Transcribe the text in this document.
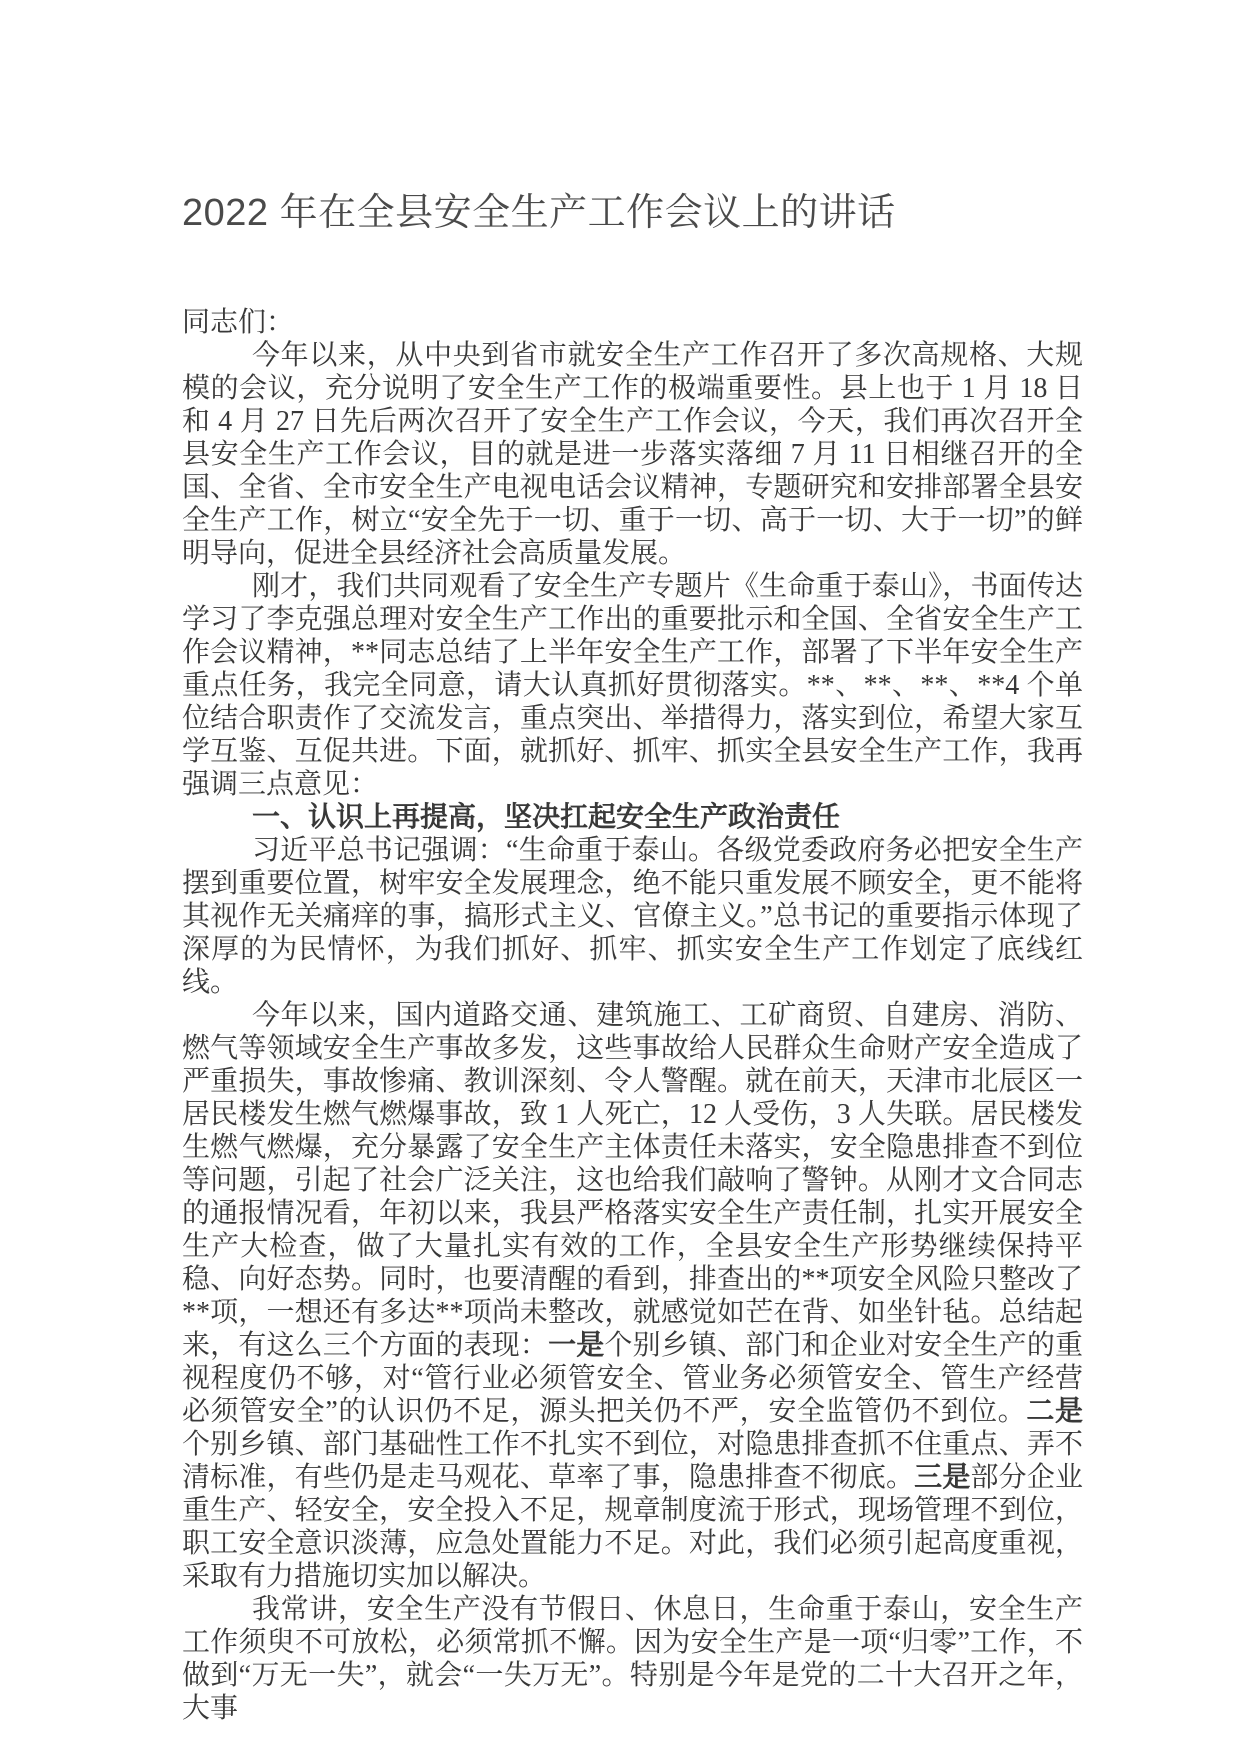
2022 年在全县安全生产工作会议上的讲话

同志们：

今年以来，从中央到省市就安全生产工作召开了多次高规格、大规模的会议，充分说明了安全生产工作的极端重要性。县上也于 1 月 18 日和 4 月 27 日先后两次召开了安全生产工作会议，今天，我们再次召开全县安全生产工作会议，目的就是进一步落实落细 7 月 11 日相继召开的全国、全省、全市安全生产电视电话会议精神，专题研究和安排部署全县安全生产工作，树立“安全先于一切、重于一切、高于一切、大于一切”的鲜明导向，促进全县经济社会高质量发展。

刚才，我们共同观看了安全生产专题片《生命重于泰山》，书面传达学习了李克强总理对安全生产工作出的重要批示和全国、全省安全生产工作会议精神，**同志总结了上半年安全生产工作，部署了下半年安全生产重点任务，我完全同意，请大认真抓好贯彻落实。**、**、**、**4 个单位结合职责作了交流发言，重点突出、举措得力，落实到位，希望大家互学互鉴、互促共进。下面，就抓好、抓牢、抓实全县安全生产工作，我再强调三点意见：

一、认识上再提高，坚决扛起安全生产政治责任

习近平总书记强调：“生命重于泰山。各级党委政府务必把安全生产摆到重要位置，树牢安全发展理念，绝不能只重发展不顾安全，更不能将其视作无关痛痒的事，搞形式主义、官僚主义。”总书记的重要指示体现了深厚的为民情怀，为我们抓好、抓牢、抓实安全生产工作划定了底线红线。

今年以来，国内道路交通、建筑施工、工矿商贸、自建房、消防、燃气等领域安全生产事故多发，这些事故给人民群众生命财产安全造成了严重损失，事故惨痛、教训深刻、令人警醒。就在前天，天津市北辰区一居民楼发生燃气燃爆事故，致 1 人死亡，12 人受伤，3 人失联。居民楼发生燃气燃爆，充分暴露了安全生产主体责任未落实，安全隐患排查不到位等问题，引起了社会广泛关注，这也给我们敲响了警钟。从刚才文合同志的通报情况看，年初以来，我县严格落实安全生产责任制，扎实开展安全生产大检查，做了大量扎实有效的工作，全县安全生产形势继续保持平稳、向好态势。同时，也要清醒的看到，排查出的**项安全风险只整改了**项，一想还有多达**项尚未整改，就感觉如芒在背、如坐针毡。总结起来，有这么三个方面的表现：一是个别乡镇、部门和企业对安全生产的重视程度仍不够，对“管行业必须管安全、管业务必须管安全、管生产经营必须管安全”的认识仍不足，源头把关仍不严，安全监管仍不到位。二是个别乡镇、部门基础性工作不扎实不到位，对隐患排查抓不住重点、弄不清标准，有些仍是走马观花、草率了事，隐患排查不彻底。三是部分企业重生产、轻安全，安全投入不足，规章制度流于形式，现场管理不到位，职工安全意识淡薄，应急处置能力不足。对此，我们必须引起高度重视，采取有力措施切实加以解决。

我常讲，安全生产没有节假日、休息日，生命重于泰山，安全生产工作须臾不可放松，必须常抓不懈。因为安全生产是一项“归零”工作，不做到“万无一失”，就会“一失万无”。特别是今年是党的二十大召开之年，大事
